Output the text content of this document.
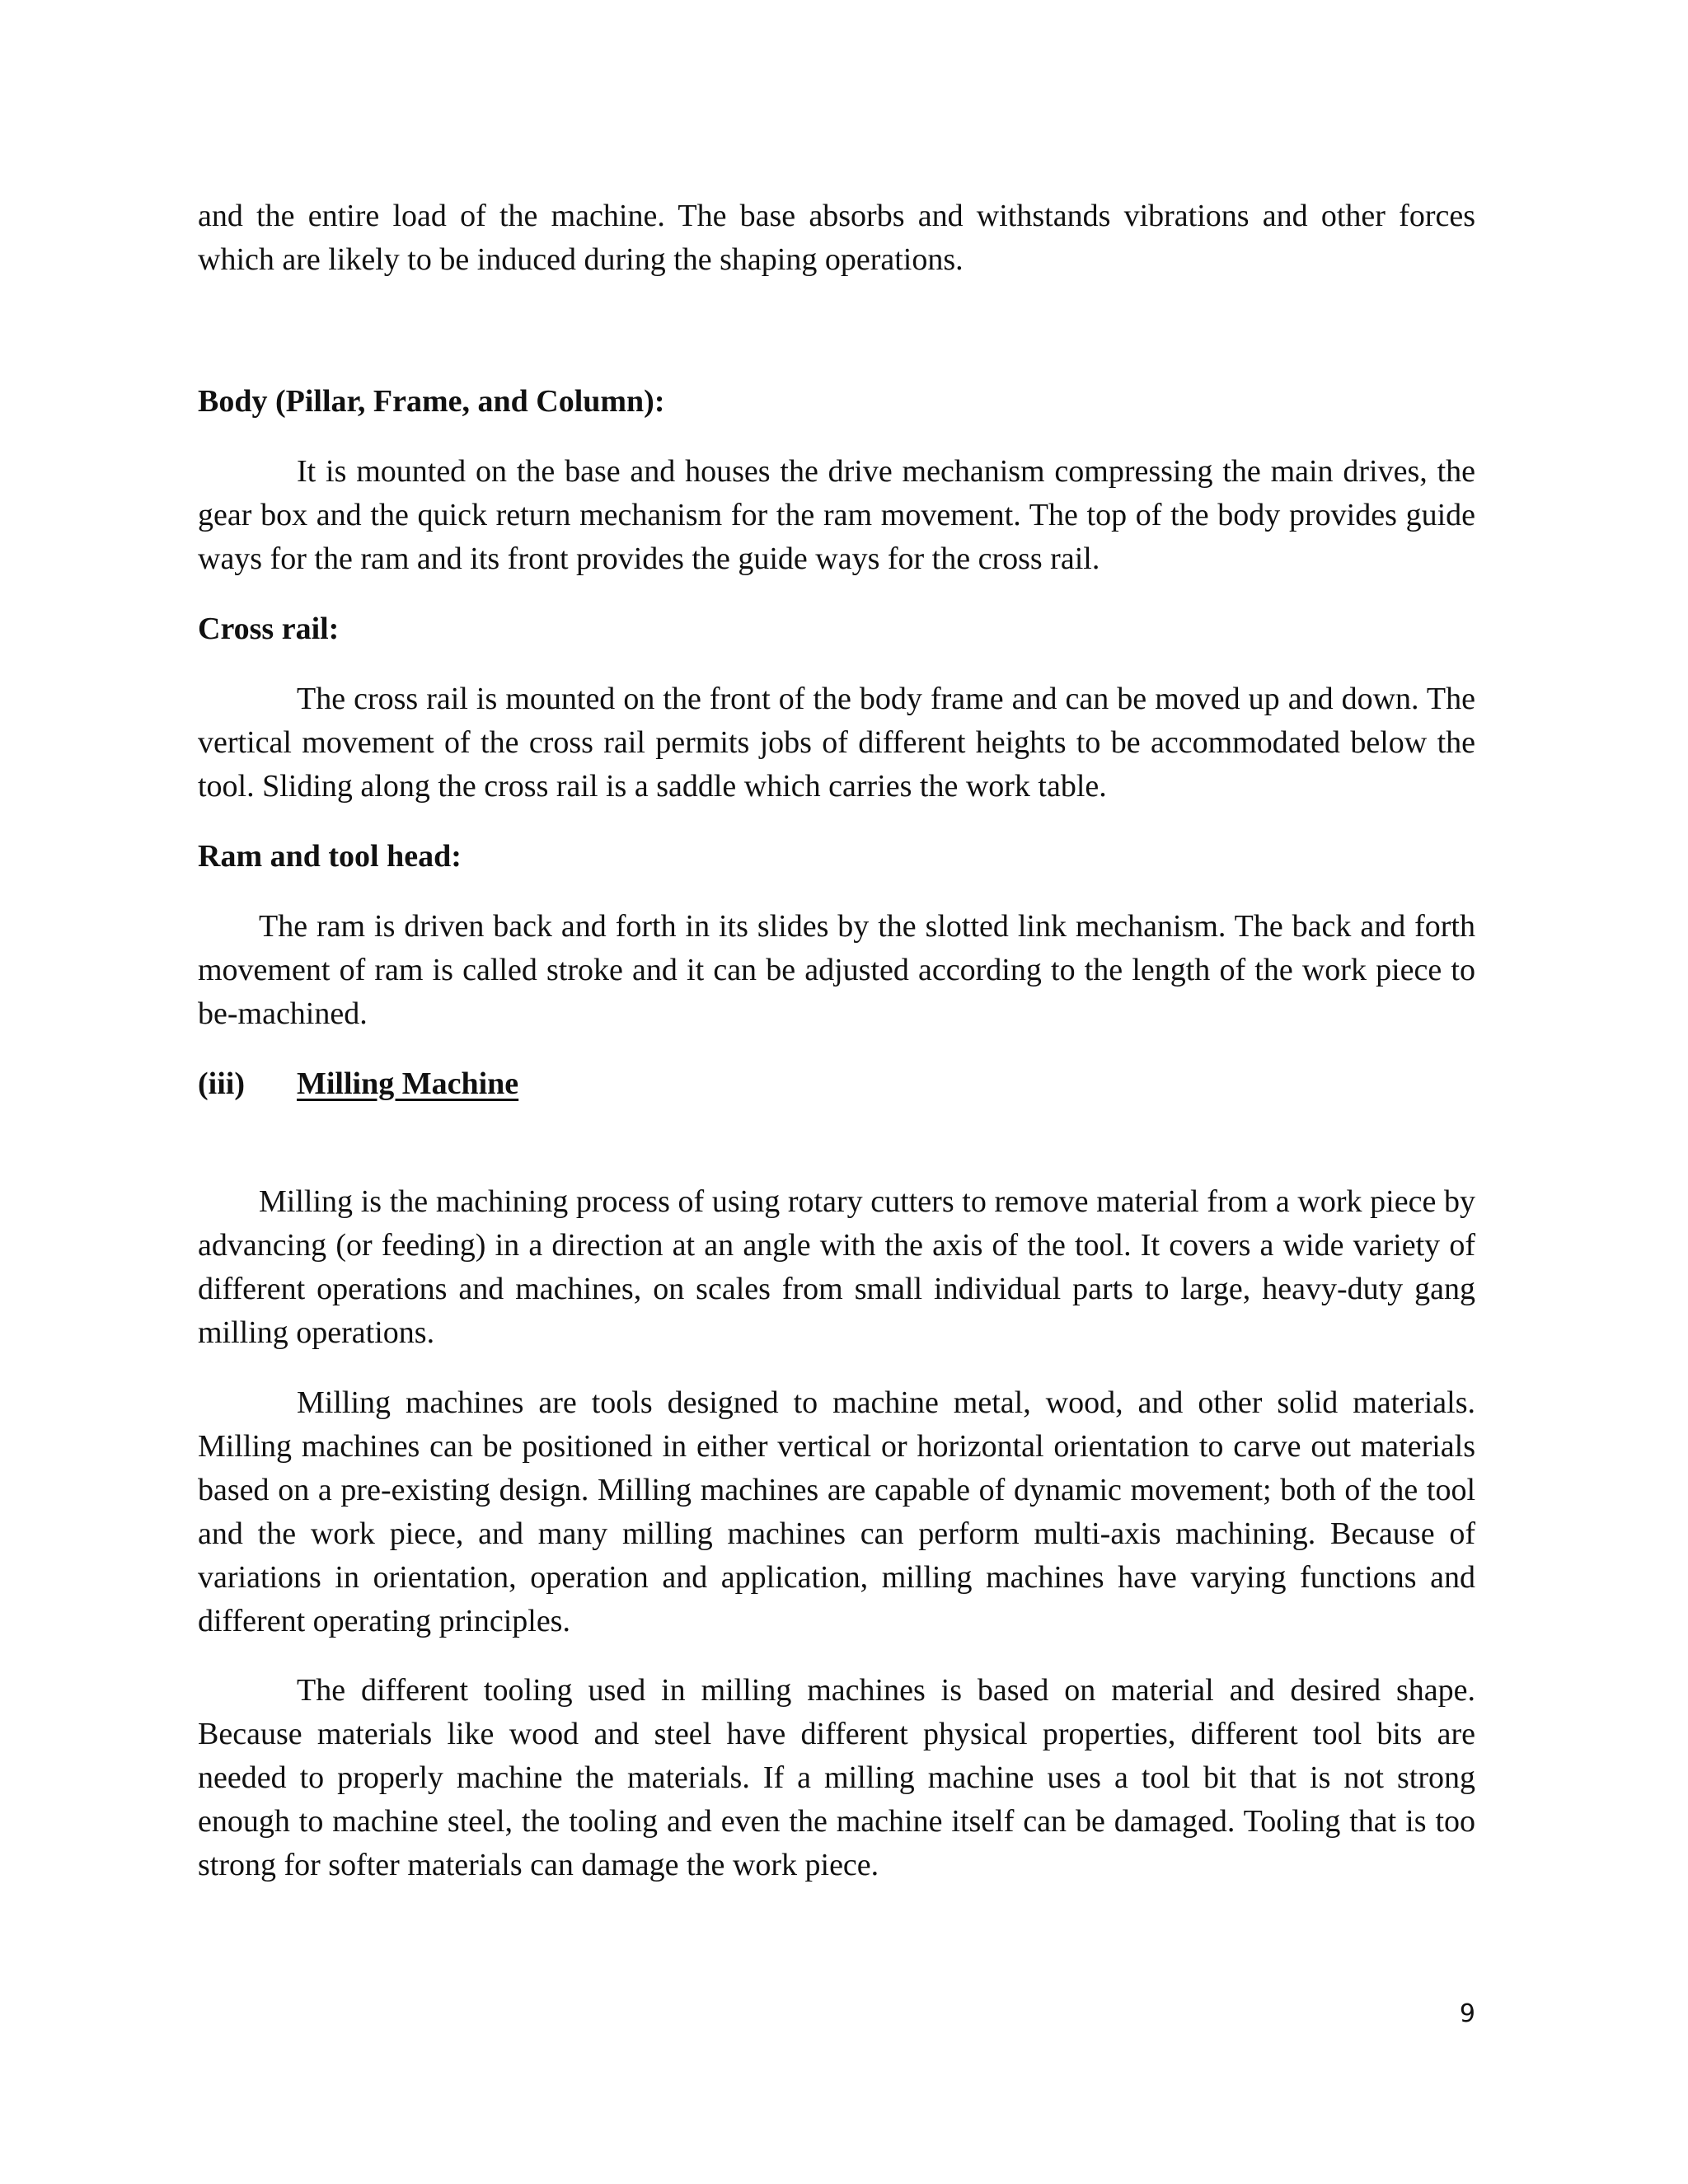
and the entire load of the machine. The base absorbs and withstands vibrations and other forces which are likely to be induced during the shaping operations.

Body (Pillar, Frame, and Column):

It is mounted on the base and houses the drive mechanism compressing the main drives, the gear box and the quick return mechanism for the ram movement. The top of the body provides guide ways for the ram and its front provides the guide ways for the cross rail.

Cross rail:

The cross rail is mounted on the front of the body frame and can be moved up and down. The vertical movement of the cross rail permits jobs of different heights to be accommodated below the tool. Sliding along the cross rail is a saddle which carries the work table.

Ram and tool head:

The ram is driven back and forth in its slides by the slotted link mechanism. The back and forth movement of ram is called stroke and it can be adjusted according to the length of the work piece to be-machined.

(iii) Milling Machine

Milling is the machining process of using rotary cutters to remove material from a work piece by advancing (or feeding) in a direction at an angle with the axis of the tool. It covers a wide variety of different operations and machines, on scales from small individual parts to large, heavy-duty gang milling operations.

Milling machines are tools designed to machine metal, wood, and other solid materials. Milling machines can be positioned in either vertical or horizontal orientation to carve out materials based on a pre-existing design. Milling machines are capable of dynamic movement; both of the tool and the work piece, and many milling machines can perform multi-axis machining. Because of variations in orientation, operation and application, milling machines have varying functions and different operating principles.

The different tooling used in milling machines is based on material and desired shape. Because materials like wood and steel have different physical properties, different tool bits are needed to properly machine the materials. If a milling machine uses a tool bit that is not strong enough to machine steel, the tooling and even the machine itself can be damaged. Tooling that is too strong for softer materials can damage the work piece.

9
